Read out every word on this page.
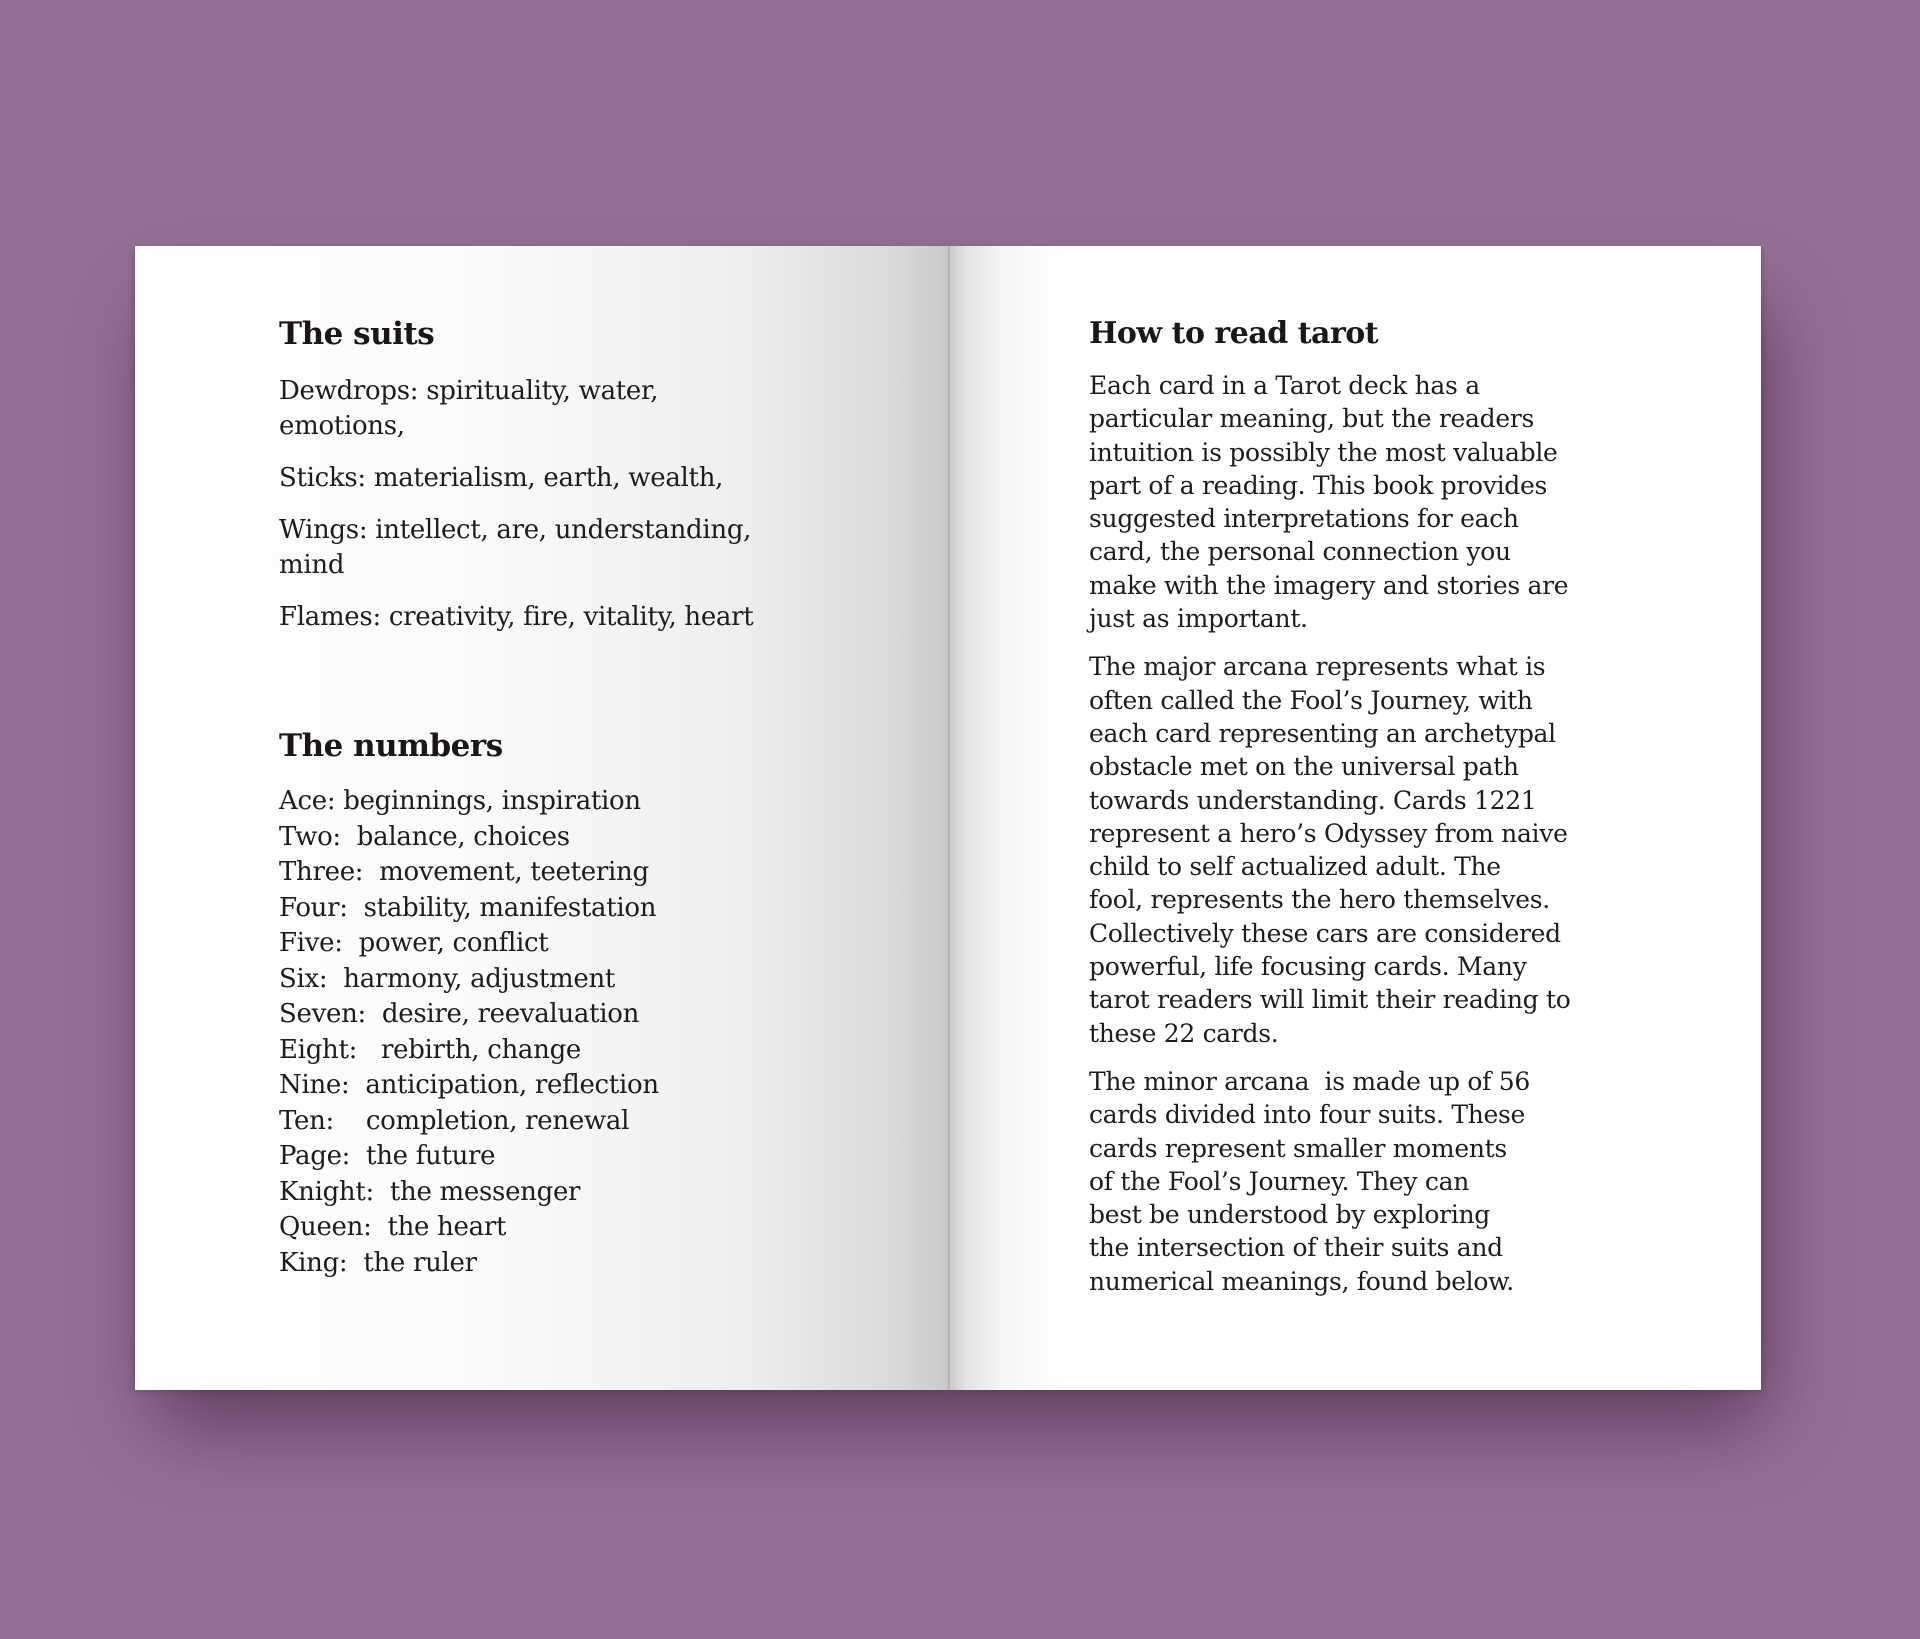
The suits

Dewdrops: spirituality, water, emotions,

Sticks: materialism, earth, wealth,

Wings: intellect, are, understanding, mind

Flames: creativity, fire, vitality, heart

The numbers

Ace: beginnings, inspiration

Two:  balance, choices

Three:  movement, teetering

Four:  stability, manifestation

Five:  power, conflict

Six:  harmony, adjustment

Seven:  desire, reevaluation

Eight:   rebirth, change

Nine:  anticipation, reflection

Ten:    completion, renewal

Page:  the future

Knight:  the messenger

Queen:  the heart

King:  the ruler

How to read tarot

Each card in a Tarot deck has a
particular meaning, but the readers
intuition is possibly the most valuable
part of a reading. This book provides
suggested interpretations for each
card, the personal connection you
make with the imagery and stories are
just as important.

The major arcana represents what is
often called the Fool’s Journey, with
each card representing an archetypal
obstacle met on the universal path
towards understanding. Cards 1221
represent a hero’s Odyssey from naive
child to self actualized adult. The
fool, represents the hero themselves.
Collectively these cars are considered
powerful, life focusing cards. Many
tarot readers will limit their reading to
these 22 cards.

The minor arcana  is made up of 56
cards divided into four suits. These
cards represent smaller moments
of the Fool’s Journey. They can
best be understood by exploring
the intersection of their suits and
numerical meanings, found below.
